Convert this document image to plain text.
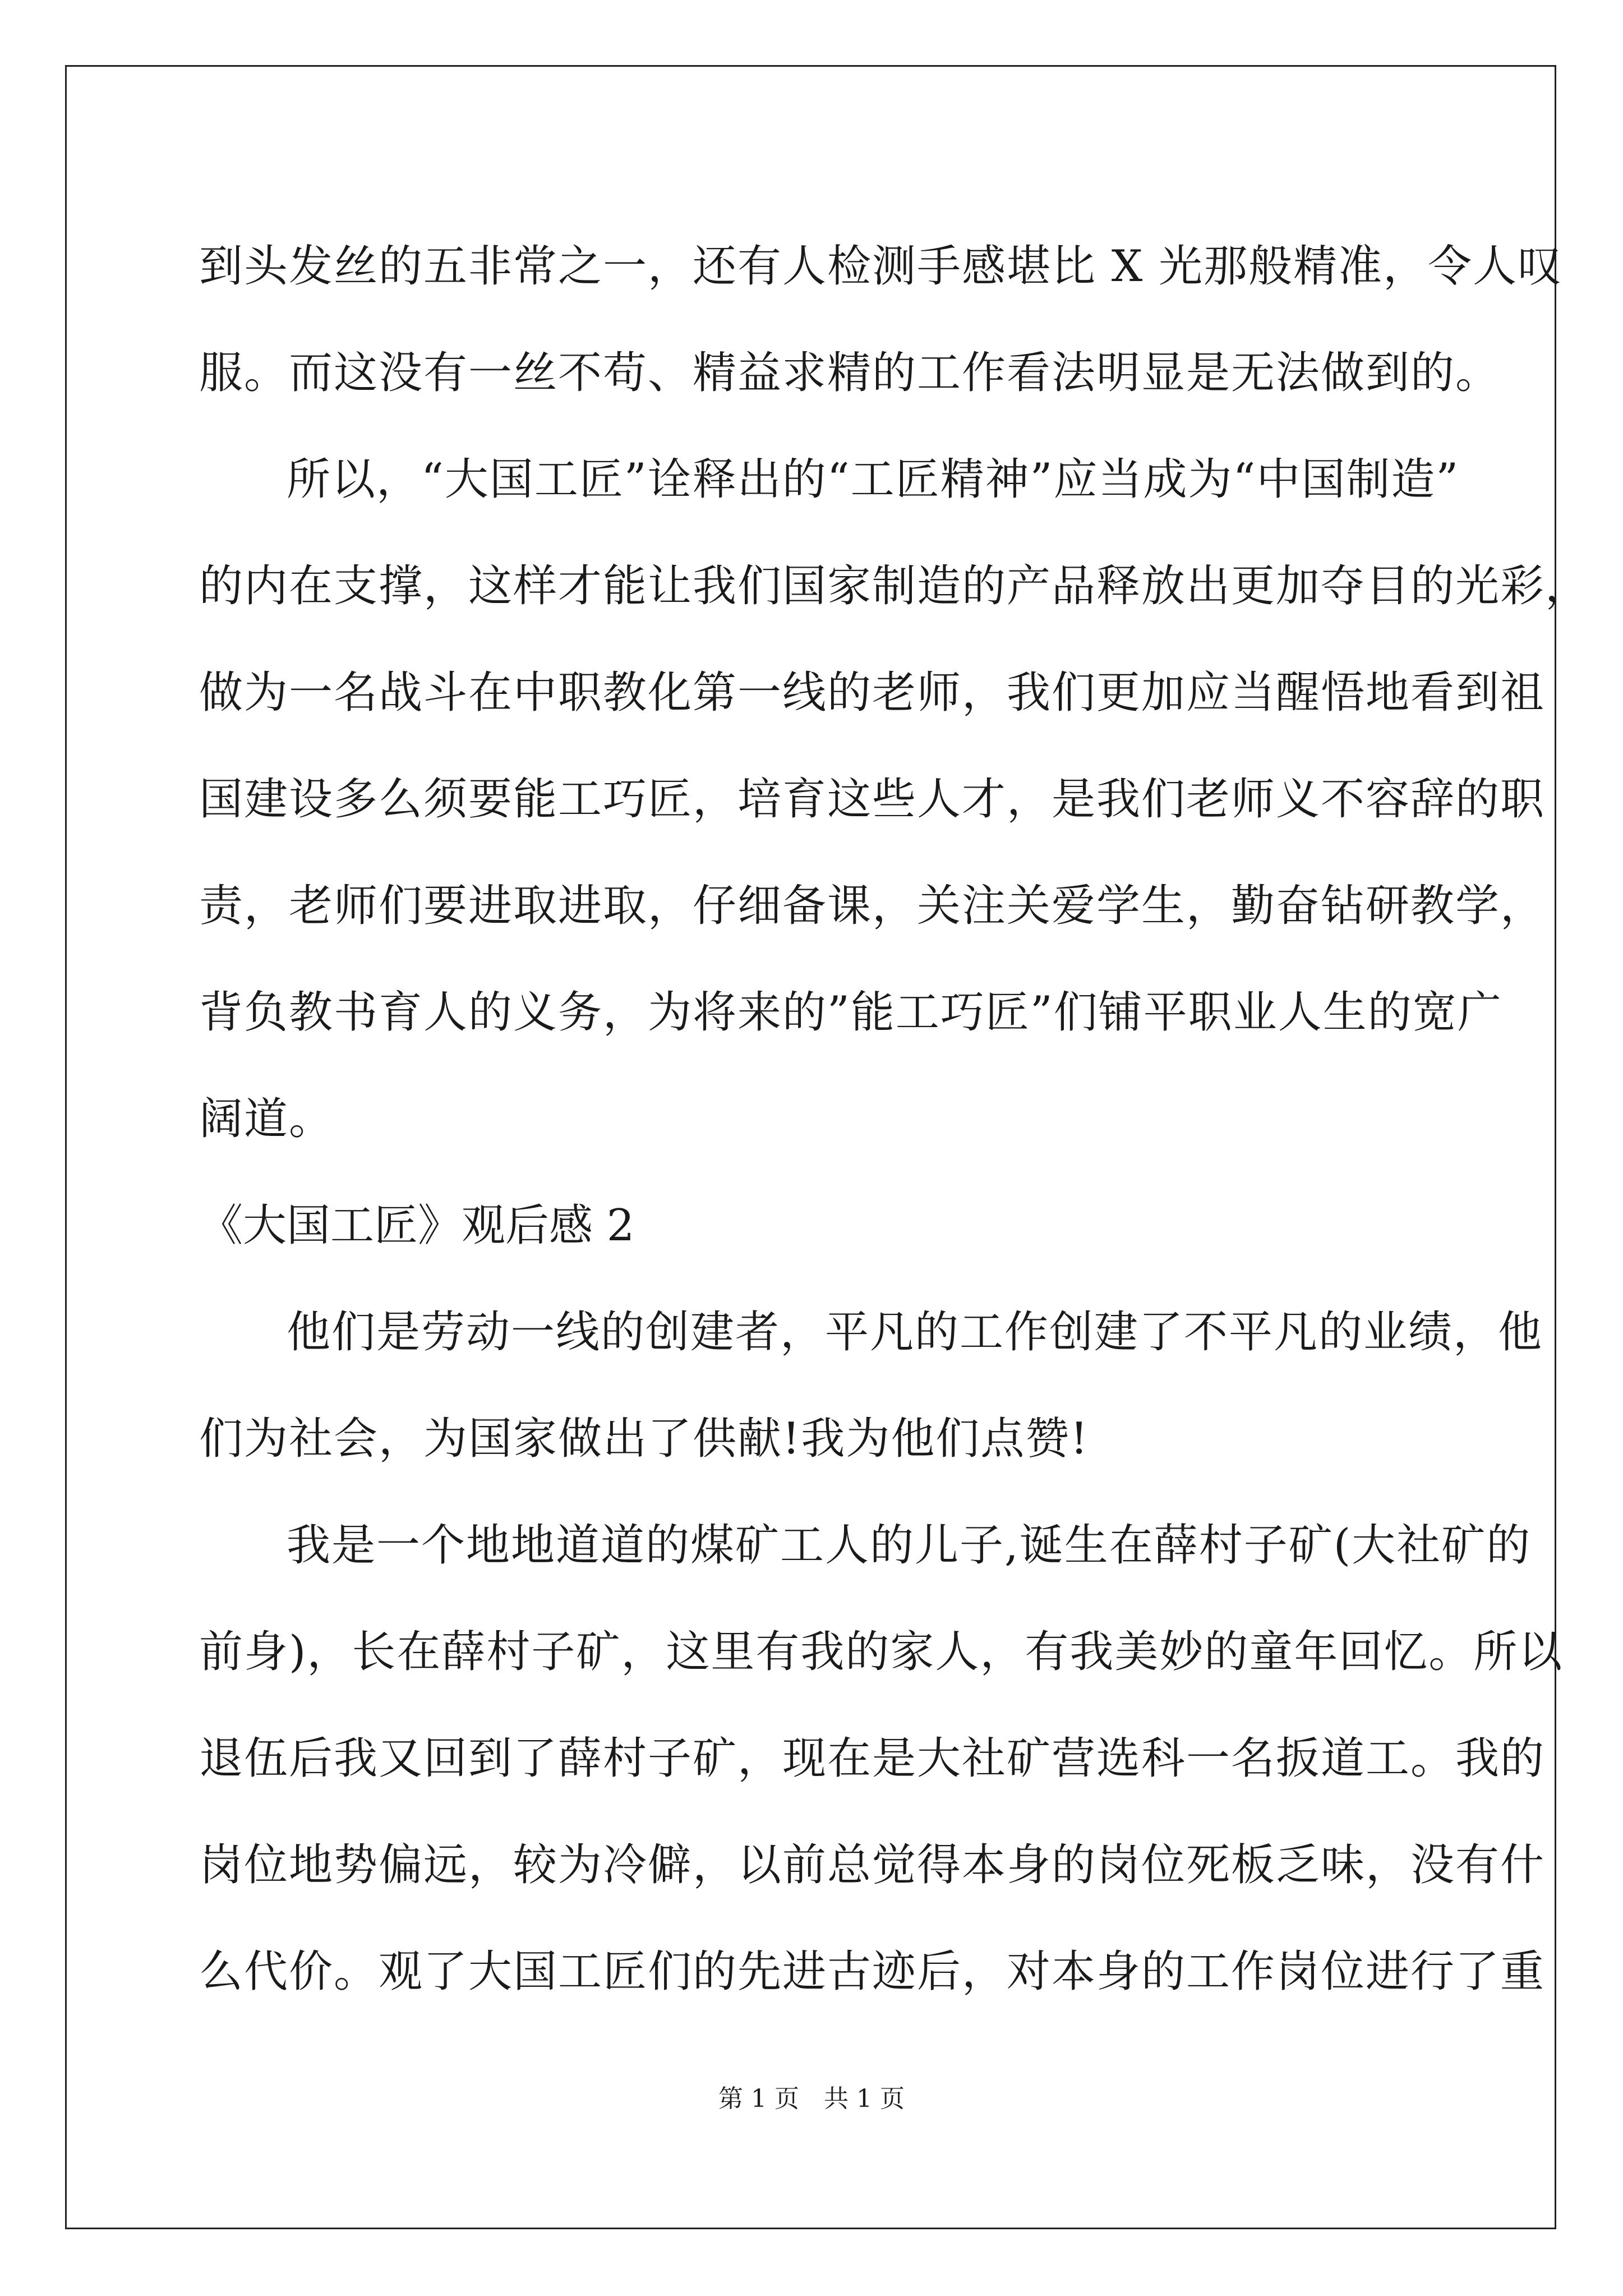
到头发丝的五非常之一，还有人检测手感堪比 X 光那般精准，令人叹
服。而这没有一丝不苟、精益求精的工作看法明显是无法做到的。
所以，“大国工匠”诠释出的“工匠精神”应当成为“中国制造”
的内在支撑，这样才能让我们国家制造的产品释放出更加夺目的光彩，
做为一名战斗在中职教化第一线的老师，我们更加应当醒悟地看到祖
国建设多么须要能工巧匠，培育这些人才，是我们老师义不容辞的职
责，老师们要进取进取，仔细备课，关注关爱学生，勤奋钻研教学，
背负教书育人的义务，为将来的”能工巧匠”们铺平职业人生的宽广
阔道。
《大国工匠》观后感 2
他们是劳动一线的创建者，平凡的工作创建了不平凡的业绩，他
们为社会，为国家做出了供献!我为他们点赞!
我是一个地地道道的煤矿工人的儿子,诞生在薛村子矿(大社矿的
前身)，长在薛村子矿，这里有我的家人，有我美妙的童年回忆。所以
退伍后我又回到了薛村子矿，现在是大社矿营选科一名扳道工。我的
岗位地势偏远，较为冷僻，以前总觉得本身的岗位死板乏味，没有什
么代价。观了大国工匠们的先进古迹后，对本身的工作岗位进行了重
第 1 页　共 1 页
